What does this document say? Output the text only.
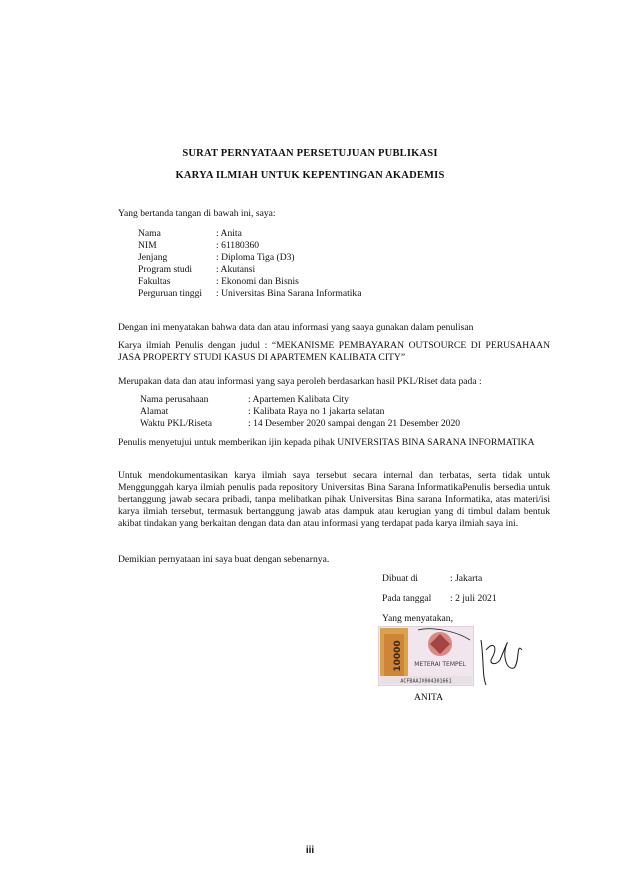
SURAT PERNYATAAN PERSETUJUAN PUBLIKASI
KARYA ILMIAH UNTUK KEPENTINGAN AKADEMIS
Yang bertanda tangan di bawah ini, saya:
Nama	: Anita
NIM	: 61180360
Jenjang	: Diploma Tiga (D3)
Program studi : Akutansi
Fakultas	: Ekonomi dan Bisnis
Perguruan tinggi : Universitas Bina Sarana Informatika
Dengan ini menyatakan bahwa data dan atau informasi yang saaya gunakan dalam penulisan
Karya ilmiah Penulis dengan judul : “MEKANISME PEMBAYARAN OUTSOURCE DI PERUSAHAAN JASA PROPERTY STUDI KASUS DI APARTEMEN KALIBATA CITY”
Merupakan data dan atau informasi yang saya peroleh berdasarkan hasil PKL/Riset data pada :
Nama perusahaan	: Apartemen Kalibata City
Alamat	: Kalibata Raya no 1 jakarta selatan
Waktu PKL/Riseta	: 14 Desember 2020 sampai dengan 21 Desember 2020
Penulis menyetujui untuk memberikan ijin kepada pihak UNIVERSITAS BINA SARANA INFORMATIKA
Untuk mendokumentasikan karya ilmiah saya tersebut secara internal dan terbatas, serta tidak untuk Menggunggah karya ilmiah penulis pada repository Universitas Bina Sarana InformatikaPenulis bersedia untuk bertanggung jawab secara pribadi, tanpa melibatkan pihak Universitas Bina sarana Informatika, atas materi/isi karya ilmiah tersebut, termasuk bertanggung jawab atas dampuk atau kerugian yang di timbul dalam bentuk akibat tindakan yang berkaitan dengan data dan atau informasi yang terdapat pada karya ilmiah saya ini.
Demikian pernyataan ini saya buat dengan sebenarnya.
Dibuat di	: Jakarta
Pada tanggal : 2 juli 2021
Yang menyatakan,
10000 METERAI TEMPEL
ACFBAAJX004301661
ANITA
iii
